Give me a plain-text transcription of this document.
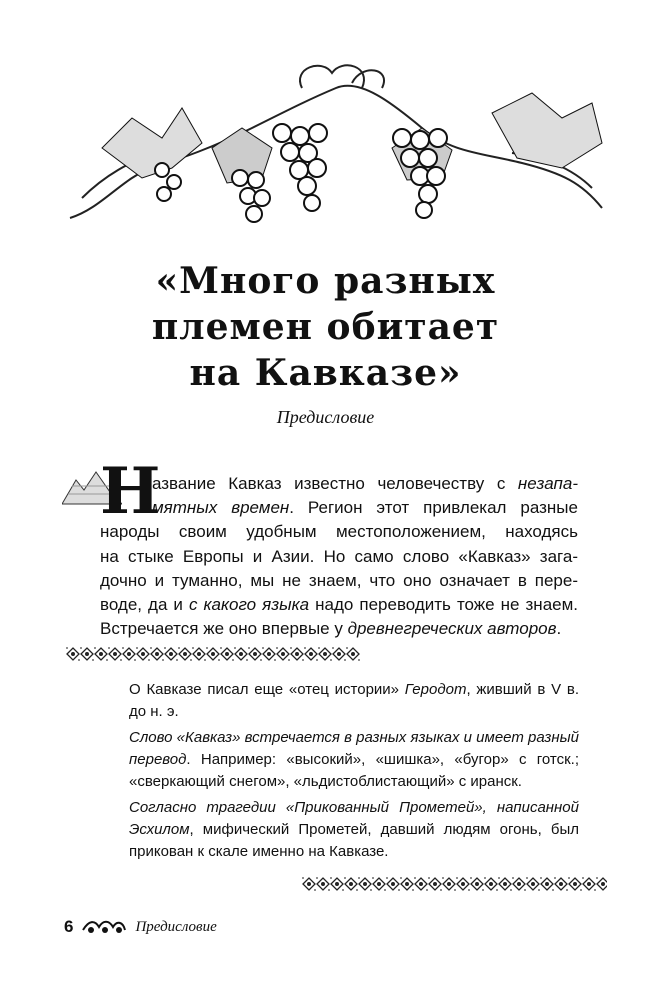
«Много разных
племен обитает
на Кавказе»
Предисловие
Н
азвание Кавказ известно человечеству с незапа-
мятных времен. Регион этот привлекал разные
народы своим удобным местоположением, находясь
на стыке Европы и Азии. Но само слово «Кавказ» зага-
дочно и туманно, мы не знаем, что оно означает в пере-
воде, да и с какого языка надо переводить тоже не знаем.
Встречается же оно впервые у древнегреческих авторов.

О Кавказе писал еще «отец истории» Геродот, живший в V в. до н. э.

Слово «Кавказ» встречается в разных языках и имеет разный перевод. Например: «высокий», «шишка», «бугор» с готск.; «сверкающий снегом», «льдистоблистающий» с иранск.

Согласно трагедии «Прикованный Прометей», написанной Эсхилом, мифический Прометей, давший людям огонь, был прикован к скале именно на Кавказе.

6	Предисловие
